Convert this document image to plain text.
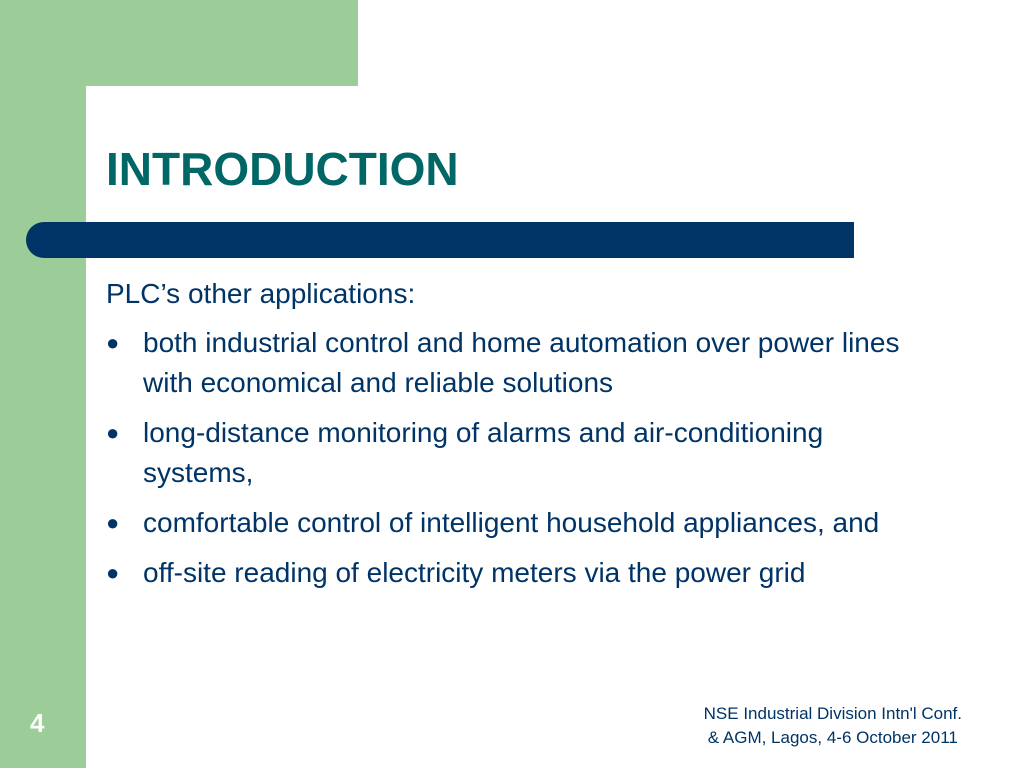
INTRODUCTION

PLC’s other applications:

● both industrial control and home automation over power lines with economical and reliable solutions
● long-distance monitoring of alarms and air-conditioning systems,
● comfortable control of intelligent household appliances, and
● off-site reading of electricity meters via the power grid
4	NSE Industrial Division Intn'l Conf.
& AGM, Lagos, 4-6 October 2011
